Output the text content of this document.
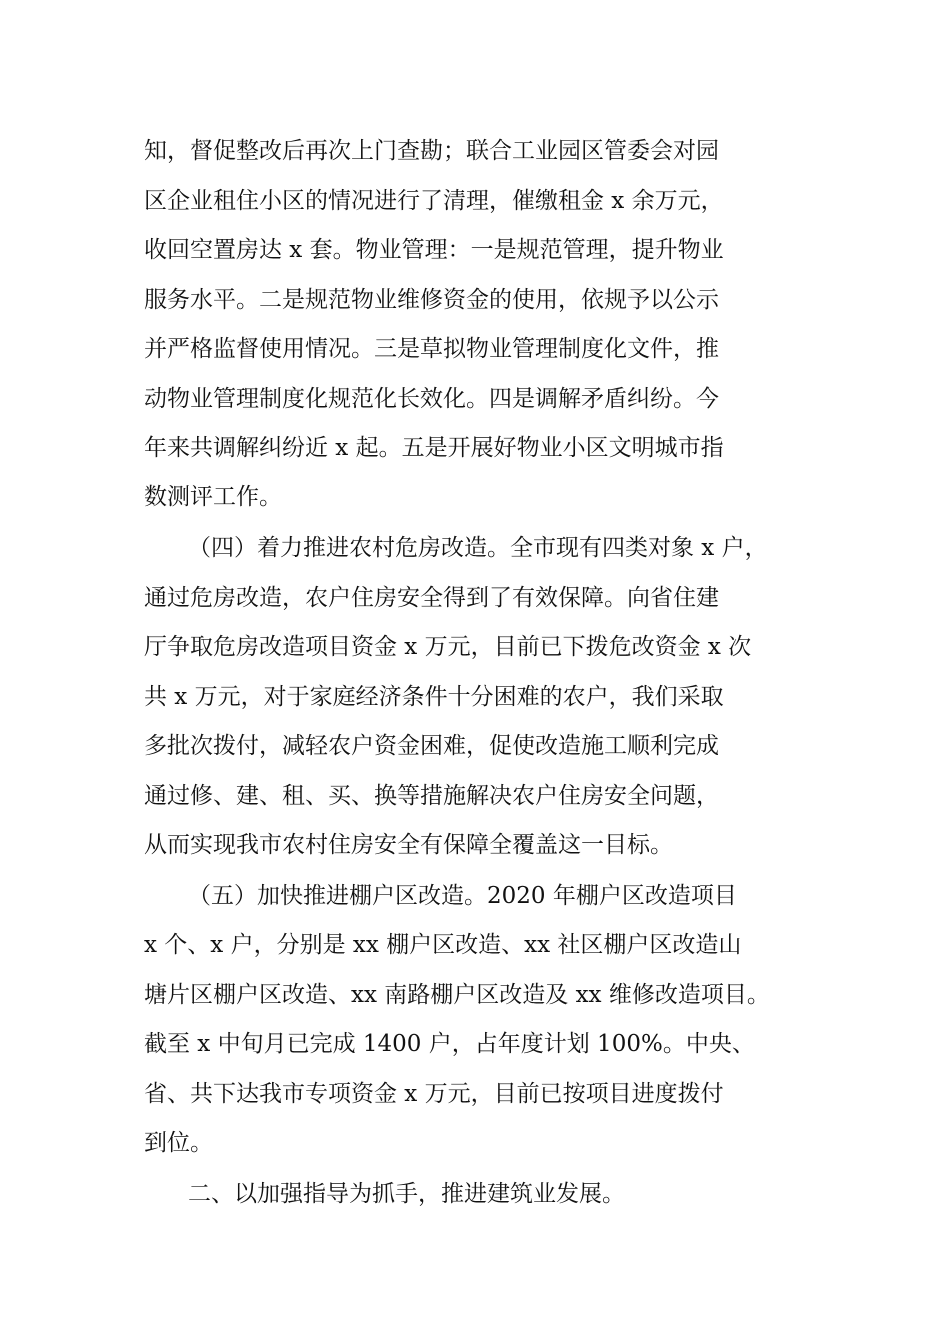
知，督促整改后再次上门查勘；联合工业园区管委会对园
区企业租住小区的情况进行了清理，催缴租金 x 余万元，
收回空置房达 x 套。物业管理：一是规范管理，提升物业
服务水平。二是规范物业维修资金的使用，依规予以公示
并严格监督使用情况。三是草拟物业管理制度化文件，推
动物业管理制度化规范化长效化。四是调解矛盾纠纷。今
年来共调解纠纷近 x 起。五是开展好物业小区文明城市指
数测评工作。
（四）着力推进农村危房改造。全市现有四类对象 x 户，
通过危房改造，农户住房安全得到了有效保障。向省住建
厅争取危房改造项目资金 x 万元，目前已下拨危改资金 x 次
共 x 万元，对于家庭经济条件十分困难的农户，我们采取
多批次拨付，减轻农户资金困难，促使改造施工顺利完成
通过修、建、租、买、换等措施解决农户住房安全问题，
从而实现我市农村住房安全有保障全覆盖这一目标。
（五）加快推进棚户区改造。2020 年棚户区改造项目
x 个、x 户，分别是 xx 棚户区改造、xx 社区棚户区改造山
塘片区棚户区改造、xx 南路棚户区改造及 xx 维修改造项目。
截至 x 中旬月已完成 1400 户，占年度计划 100%。中央、
省、共下达我市专项资金 x 万元，目前已按项目进度拨付
到位。
二、以加强指导为抓手，推进建筑业发展。
